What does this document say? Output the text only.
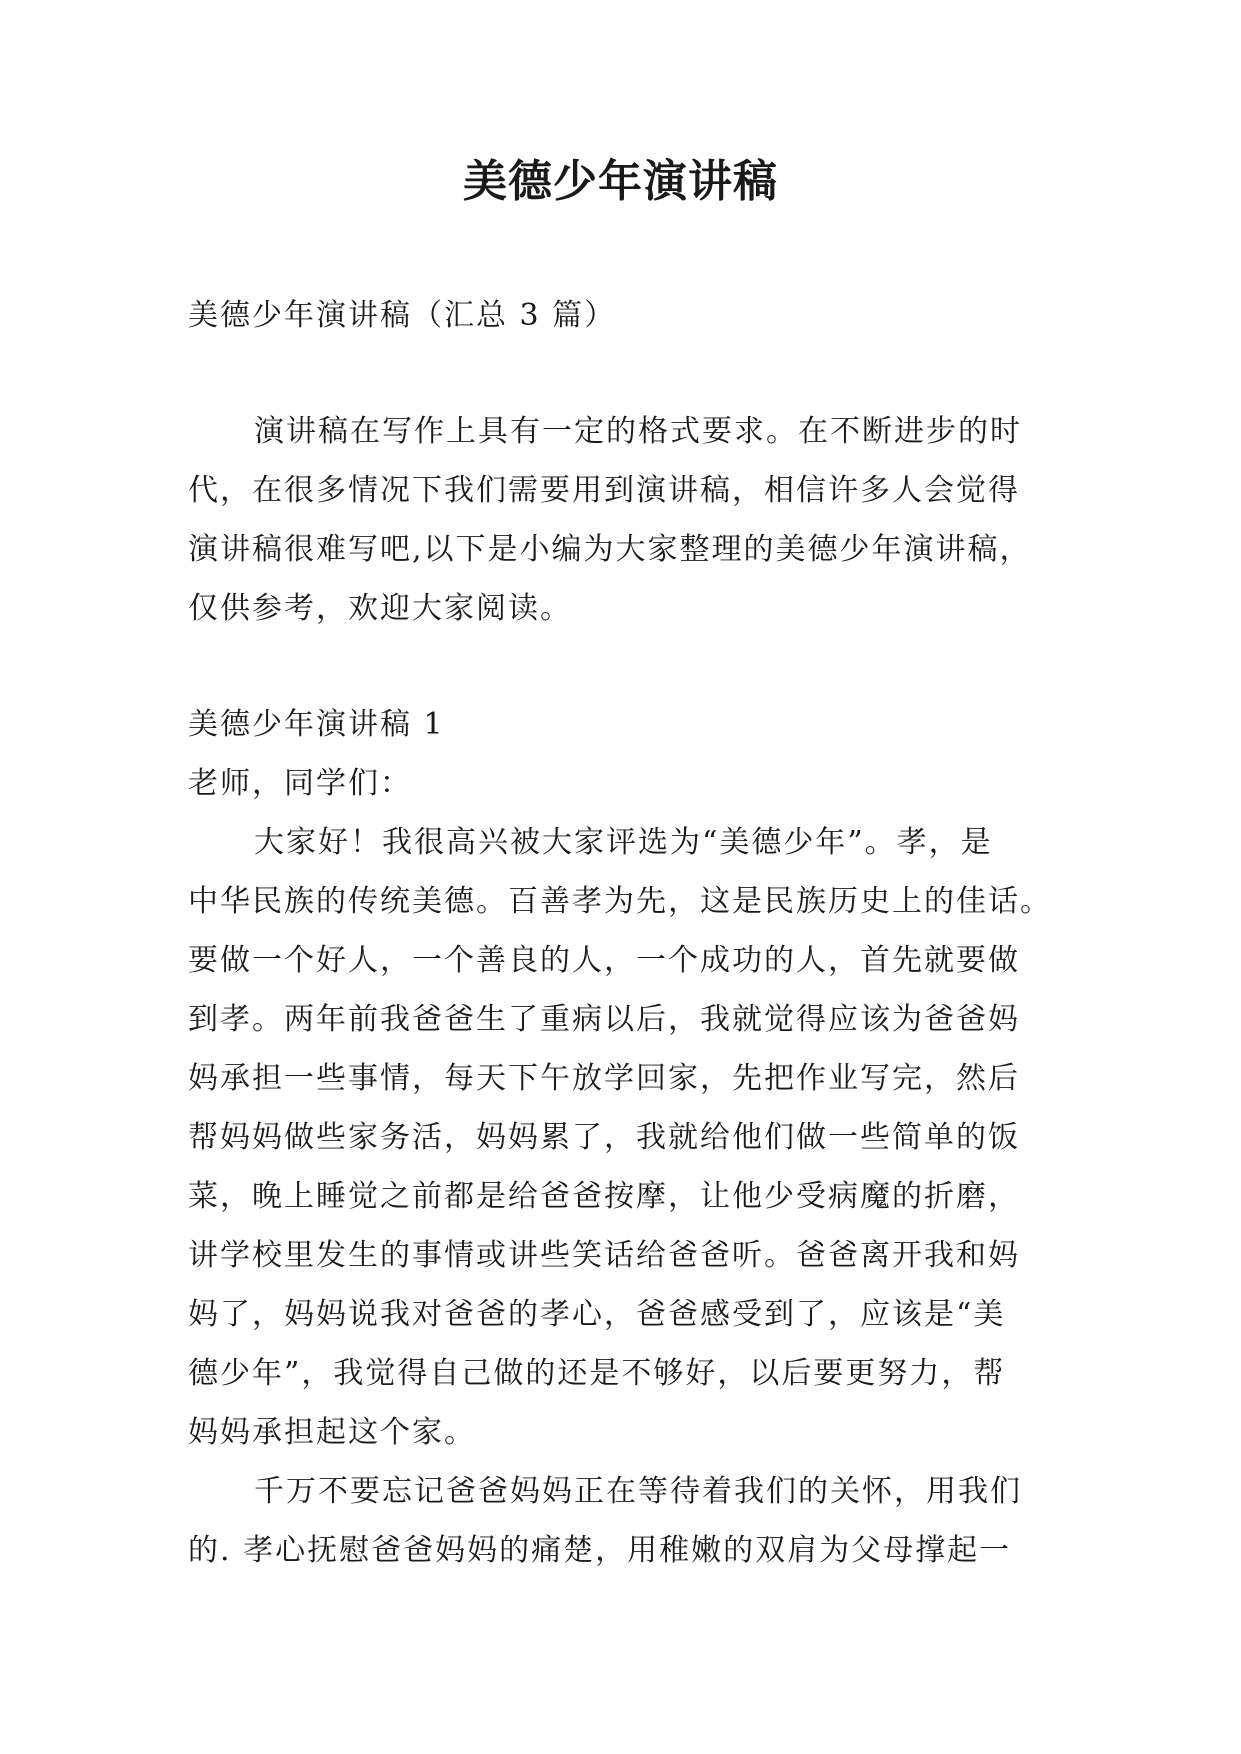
美德少年演讲稿
美德少年演讲稿（汇总 3 篇）
演讲稿在写作上具有一定的格式要求。在不断进步的时
代，在很多情况下我们需要用到演讲稿，相信许多人会觉得
演讲稿很难写吧,以下是小编为大家整理的美德少年演讲稿，
仅供参考，欢迎大家阅读。
美德少年演讲稿 1
老师，同学们：
大家好！我很高兴被大家评选为“美德少年”。孝，是
中华民族的传统美德。百善孝为先，这是民族历史上的佳话。
要做一个好人，一个善良的人，一个成功的人，首先就要做
到孝。两年前我爸爸生了重病以后，我就觉得应该为爸爸妈
妈承担一些事情，每天下午放学回家，先把作业写完，然后
帮妈妈做些家务活，妈妈累了，我就给他们做一些简单的饭
菜，晚上睡觉之前都是给爸爸按摩，让他少受病魔的折磨，
讲学校里发生的事情或讲些笑话给爸爸听。爸爸离开我和妈
妈了，妈妈说我对爸爸的孝心，爸爸感受到了，应该是“美
德少年”，我觉得自己做的还是不够好，以后要更努力，帮
妈妈承担起这个家。
千万不要忘记爸爸妈妈正在等待着我们的关怀，用我们
的. 孝心抚慰爸爸妈妈的痛楚，用稚嫩的双肩为父母撑起一
